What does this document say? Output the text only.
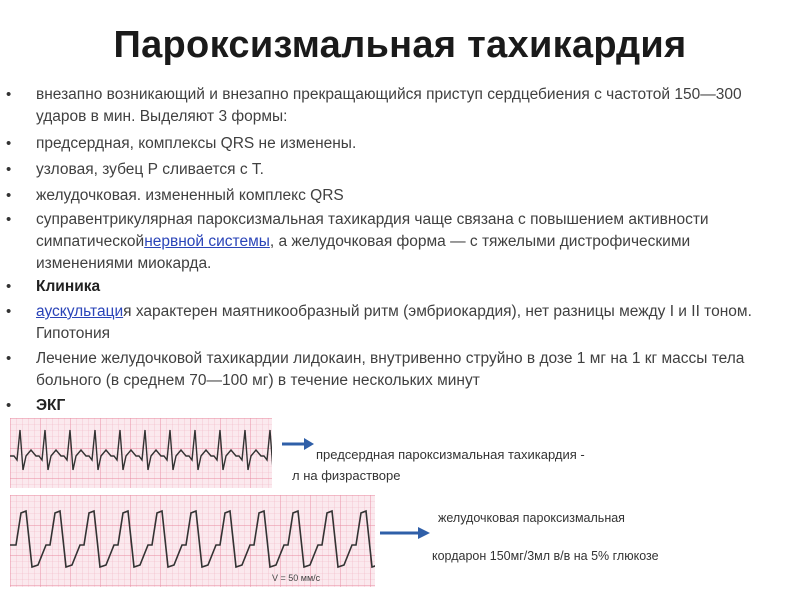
Пароксизмальная тахикардия
•	внезапно возникающий и внезапно прекращающийся приступ сердцебиения с частотой 150—300 ударов в мин. Выделяют 3 формы:
•	предсердная, комплексы QRS не изменены.
•	узловая, зубец Р сливается с Т.
•	желудочковая. измененный комплекс QRS
•	суправентрикулярная пароксизмальная тахикардия чаще связана с повышением активности симпатическойнервной системы, а желудочковая форма — с тяжелыми дистрофическими изменениями миокарда.
•	Клиника
•	аускультация характерен маятникообразный ритм (эмбриокардия), нет разницы между I и II тоном. Гипотония
•	Лечение желудочковой тахикардии лидокаин, внутривенно струйно в дозе 1 мг на 1 кг массы тела больного (в среднем 70—100 мг) в течение нескольких минут
•	ЭКГ
предсердная пароксизмальная тахикардия -
л на физрастворе
V = 50 мм/с
желудочковая пароксизмальная
кордарон 150мг/3мл в/в на 5% глюкозе
